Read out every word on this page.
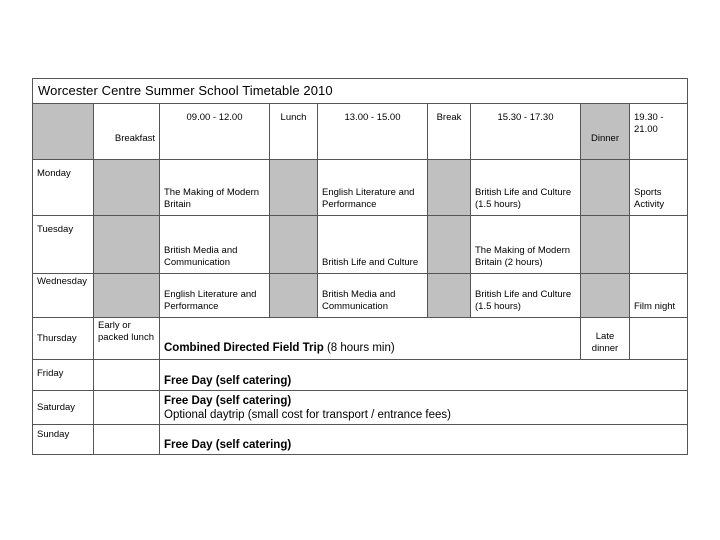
Worcester Centre Summer School Timetable 2010								
	Breakfast	09.00 - 12.00	Lunch	13.00 - 15.00	Break	15.30 - 17.30	Dinner	19.30 - 21.00
Monday		The Making of Modern Britain		English Literature and Performance		British Life and Culture (1.5 hours)		Sports Activity
Tuesday		British Media and Communication		British Life and Culture		The Making of Modern Britain (2 hours)		
Wednesday		English Literature and Performance		British Media and Communication		British Life and Culture (1.5 hours)		Film night
Thursday	Early or packed lunch	Combined Directed Field Trip (8 hours min)					Late dinner	
Friday		Free Day (self catering)						
Saturday		Free Day (self catering)
Optional daytrip (small cost for transport / entrance fees)						

Sunday		Free Day (self catering)						
